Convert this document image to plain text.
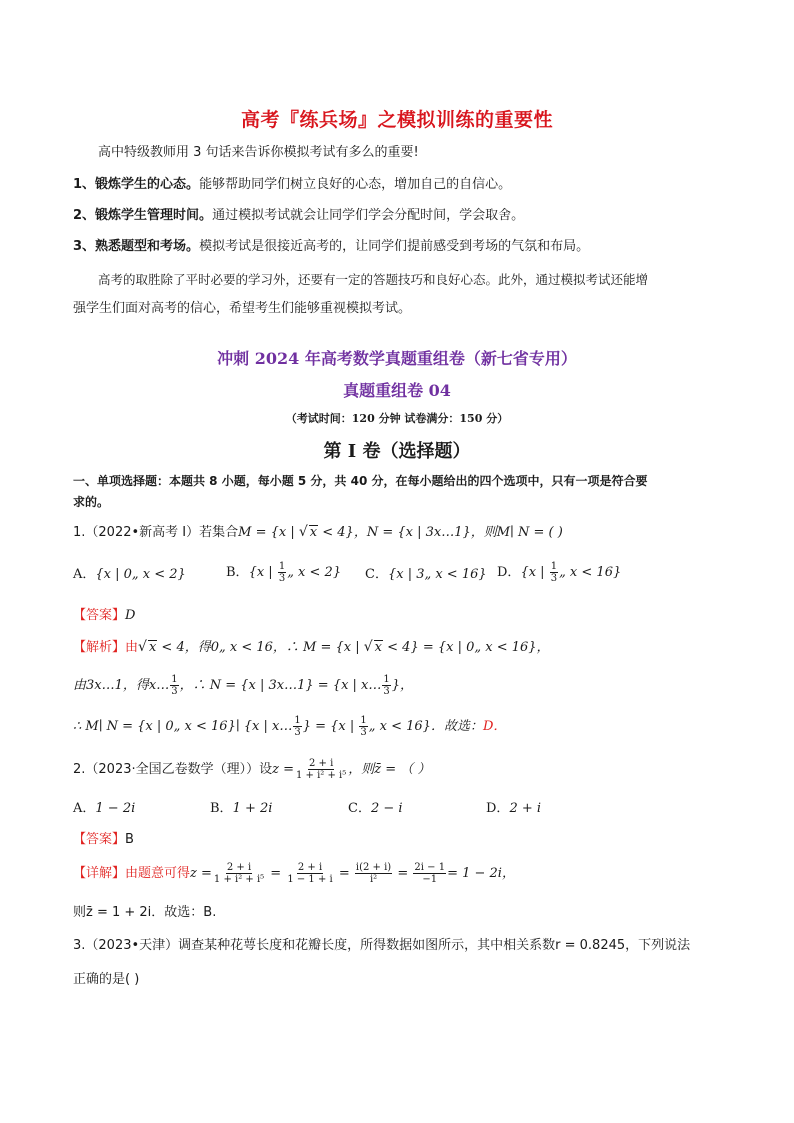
高考『练兵场』之模拟训练的重要性
高中特级教师用 3 句话来告诉你模拟考试有多么的重要!
1、锻炼学生的心态。能够帮助同学们树立良好的心态，增加自己的自信心。
2、锻炼学生管理时间。通过模拟考试就会让同学们学会分配时间，学会取舍。
3、熟悉题型和考场。模拟考试是很接近高考的，让同学们提前感受到考场的气氛和布局。
高考的取胜除了平时必要的学习外，还要有一定的答题技巧和良好心态。此外，通过模拟考试还能增
强学生们面对高考的信心，希望考生们能够重视模拟考试。
冲刺 2024 年高考数学真题重组卷（新七省专用）
真题重组卷 04
（考试时间：120 分钟 试卷满分：150 分）
第 I 卷（选择题）
一、单项选择题：本题共 8 小题，每小题 5 分，共 40 分，在每小题给出的四个选项中，只有一项是符合要
求的。
1.（2022•新高考 I）若集合M = {x | √ x < 4}，N = {x | 3x…1}，则M∣ N = ( )
A．{x | 0„ x < 2}	B．{x | $\frac{1}{3}$ „ x < 2} C．{x | 3„ x < 16} D．{x | $\frac{1}{3}$ „ x < 16}
【答案】D
【解析】由√ x < 4，得0„ x < 16，∴ M = {x | √ x < 4} = {x | 0„ x < 16}，
由3x…1，得x… $\frac{1}{3}$ ，∴ N = {x | 3x…1} = {x | x… $\frac{1}{3}$ }，
∴ M∣ N = {x | 0„ x < 16}∣ {x | x… $\frac{1}{3}$ } = {x | $\frac{1}{3}$ „ x < 16}．故选：D．
2.（2023·全国乙卷数学（理））设$z = \frac{2 + i}{\text{1 + i² + i⁵}}$ ，则z̄ = （ ）
A．1 − 2i	B．1 + 2i	C．2 − i	D．2 + i
【答案】B
【详解】由题意可得$z = \frac{2 + i}{\text{1 + i² + i⁵}} = \frac{2 + i}{1 - 1 + i} = \frac{i(2 + i)}{\text{i²}} = \frac{2i - 1}{-1} = 1 - 2i$，
则z̄ = 1 + 2i．故选：B.
3.（2023•天津）调查某种花萼长度和花瓣长度，所得数据如图所示，其中相关系数r = 0.8245，下列说法
正确的是( )
